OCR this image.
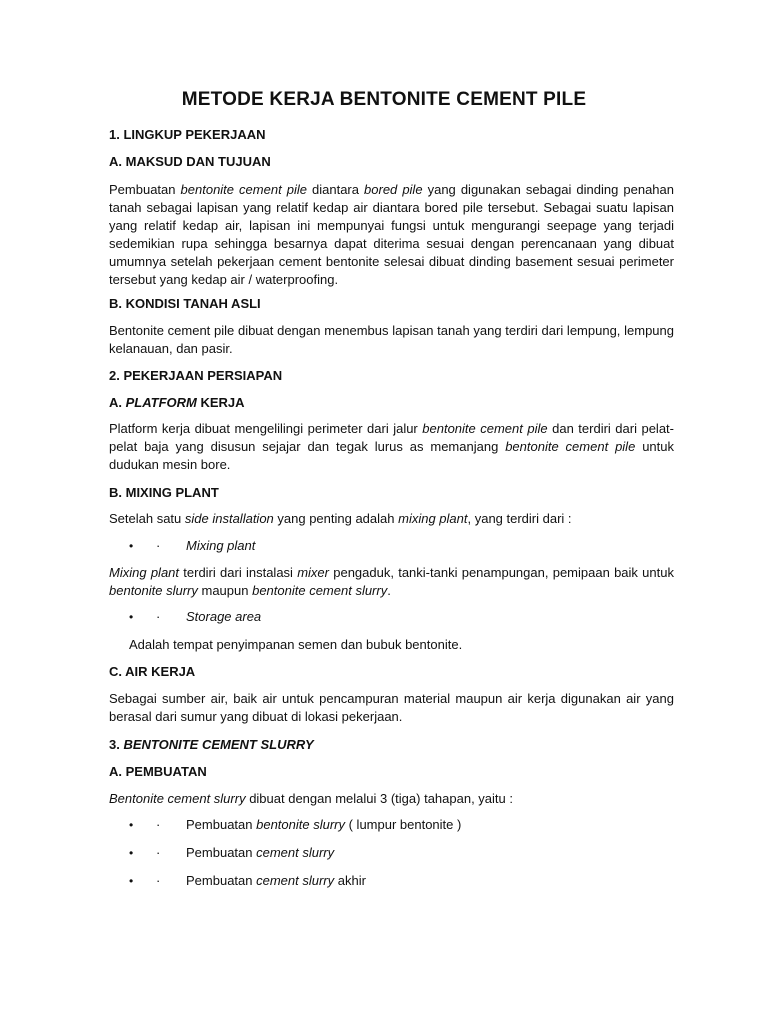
METODE KERJA BENTONITE CEMENT PILE
1. LINGKUP PEKERJAAN
A. MAKSUD DAN TUJUAN
Pembuatan bentonite cement pile diantara bored pile yang digunakan sebagai dinding penahan tanah sebagai lapisan yang relatif kedap air diantara bored pile tersebut. Sebagai suatu lapisan yang relatif kedap air, lapisan ini mempunyai fungsi untuk mengurangi seepage yang terjadi sedemikian rupa sehingga besarnya dapat diterima sesuai dengan perencanaan yang dibuat umumnya setelah pekerjaan cement bentonite selesai dibuat dinding basement sesuai perimeter tersebut yang kedap air / waterproofing.
B. KONDISI TANAH ASLI
Bentonite cement pile dibuat dengan menembus lapisan tanah yang terdiri dari lempung, lempung kelanauan, dan pasir.
2. PEKERJAAN PERSIAPAN
A. PLATFORM KERJA
Platform kerja dibuat mengelilingi perimeter dari jalur bentonite cement pile dan terdiri dari pelat-pelat baja yang disusun sejajar dan tegak lurus as memanjang bentonite cement pile untuk dudukan mesin bore.
B. MIXING PLANT
Setelah satu side installation yang penting adalah mixing plant, yang terdiri dari :
• · Mixing plant
Mixing plant terdiri dari instalasi mixer pengaduk, tanki-tanki penampungan, pemipaan baik untuk bentonite slurry maupun bentonite cement slurry.
• · Storage area
Adalah tempat penyimpanan semen dan bubuk bentonite.
C. AIR KERJA
Sebagai sumber air, baik air untuk pencampuran material maupun air kerja digunakan air yang berasal dari sumur yang dibuat di lokasi pekerjaan.
3. BENTONITE CEMENT SLURRY
A. PEMBUATAN
Bentonite cement slurry dibuat dengan melalui 3 (tiga) tahapan, yaitu :
• · Pembuatan bentonite slurry ( lumpur bentonite )
• · Pembuatan cement slurry
• · Pembuatan cement slurry akhir
